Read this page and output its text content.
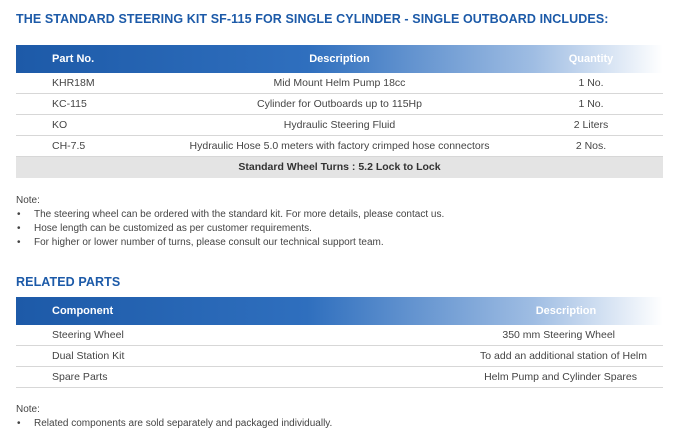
THE STANDARD STEERING KIT SF-115 FOR SINGLE CYLINDER - SINGLE OUTBOARD INCLUDES:
Part No.	Description	Quantity
KHR18M	Mid Mount Helm Pump 18cc	1 No.
KC-115	Cylinder for Outboards up to 115Hp	1 No.
KO	Hydraulic Steering Fluid	2 Liters
CH-7.5	Hydraulic Hose 5.0 meters with factory crimped hose connectors	2 Nos.
Standard Wheel Turns : 5.2 Lock to Lock
Note:
• The steering wheel can be ordered with the standard kit. For more details, please contact us.
• Hose length can be customized as per customer requirements.
• For higher or lower number of turns, please consult our technical support team.
RELATED PARTS
Component	Description
Steering Wheel	350 mm Steering Wheel
Dual Station Kit	To add an additional station of Helm
Spare Parts	Helm Pump and Cylinder Spares
Note:
• Related components are sold separately and packaged individually.
